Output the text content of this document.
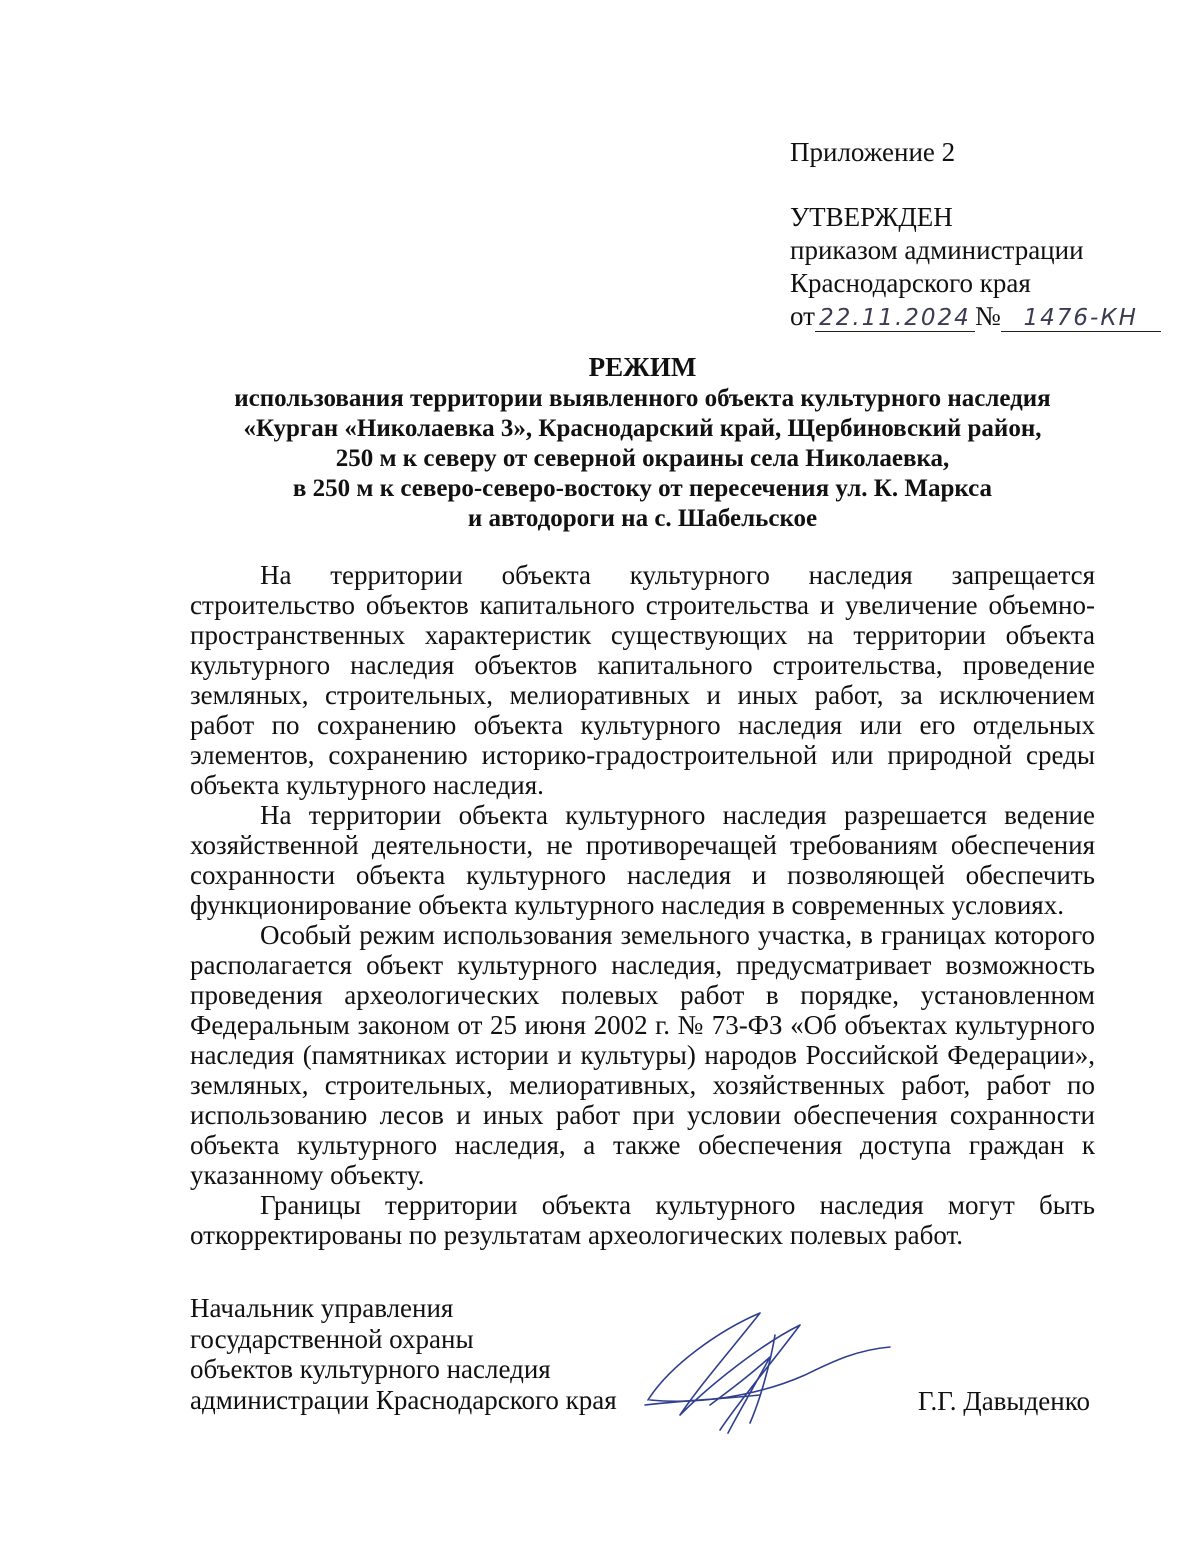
Приложение 2
УТВЕРЖДЕН
приказом администрации
Краснодарского края
от 22.11.2024 № 1476-КН
РЕЖИМ
использования территории выявленного объекта культурного наследия
«Курган «Николаевка 3», Краснодарский край, Щербиновский район,
250 м к северу от северной окраины села Николаевка,
в 250 м к северо-северо-востоку от пересечения ул. К. Маркса
и автодороги на с. Шабельское

На территории объекта культурного наследия запрещается строительство объектов капитального строительства и увеличение объемно-пространственных характеристик существующих на территории объекта культурного наследия объектов капитального строительства, проведение земляных, строительных, мелиоративных и иных работ, за исключением работ по сохранению объекта культурного наследия или его отдельных элементов, сохранению историко-градостроительной или природной среды объекта культурного наследия.

На территории объекта культурного наследия разрешается ведение хозяйственной деятельности, не противоречащей требованиям обеспечения сохранности объекта культурного наследия и позволяющей обеспечить функционирование объекта культурного наследия в современных условиях.

Особый режим использования земельного участка, в границах которого располагается объект культурного наследия, предусматривает возможность проведения археологических полевых работ в порядке, установленном Федеральным законом от 25 июня 2002 г. № 73-ФЗ «Об объектах культурного наследия (памятниках истории и культуры) народов Российской Федерации», земляных, строительных, мелиоративных, хозяйственных работ, работ по использованию лесов и иных работ при условии обеспечения сохранности объекта культурного наследия, а также обеспечения доступа граждан к указанному объекту.

Границы территории объекта культурного наследия могут быть откорректированы по результатам археологических полевых работ.

Начальник управления
государственной охраны
объектов культурного наследия
администрации Краснодарского края	Г.Г. Давыденко
